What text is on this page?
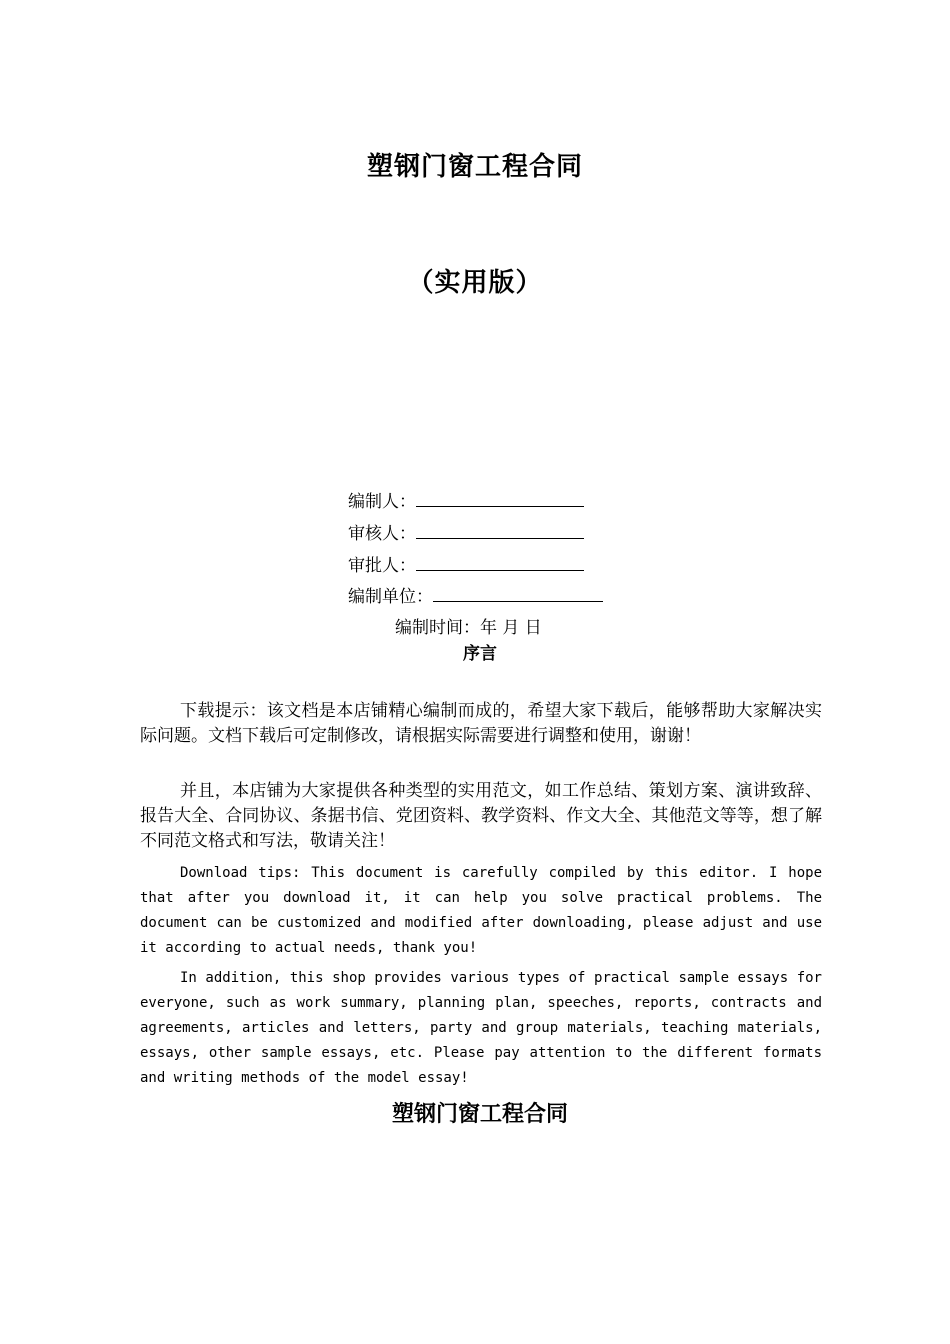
塑钢门窗工程合同
（实用版）
编制人：
审核人：
审批人：
编制单位：
编制时间：年 月 日
序言
下载提示：该文档是本店铺精心编制而成的，希望大家下载后，能够帮助大家解决实际问题。文档下载后可定制修改，请根据实际需要进行调整和使用，谢谢！
并且，本店铺为大家提供各种类型的实用范文，如工作总结、策划方案、演讲致辞、报告大全、合同协议、条据书信、党团资料、教学资料、作文大全、其他范文等等，想了解不同范文格式和写法，敬请关注！
Download tips: This document is carefully compiled by this editor. I hope that after you download it, it can help you solve practical problems. The document can be customized and modified after downloading, please adjust and use it according to actual needs, thank you!
In addition, this shop provides various types of practical sample essays for everyone, such as work summary, planning plan, speeches, reports, contracts and agreements, articles and letters, party and group materials, teaching materials, essays, other sample essays, etc. Please pay attention to the different formats and writing methods of the model essay!
塑钢门窗工程合同
